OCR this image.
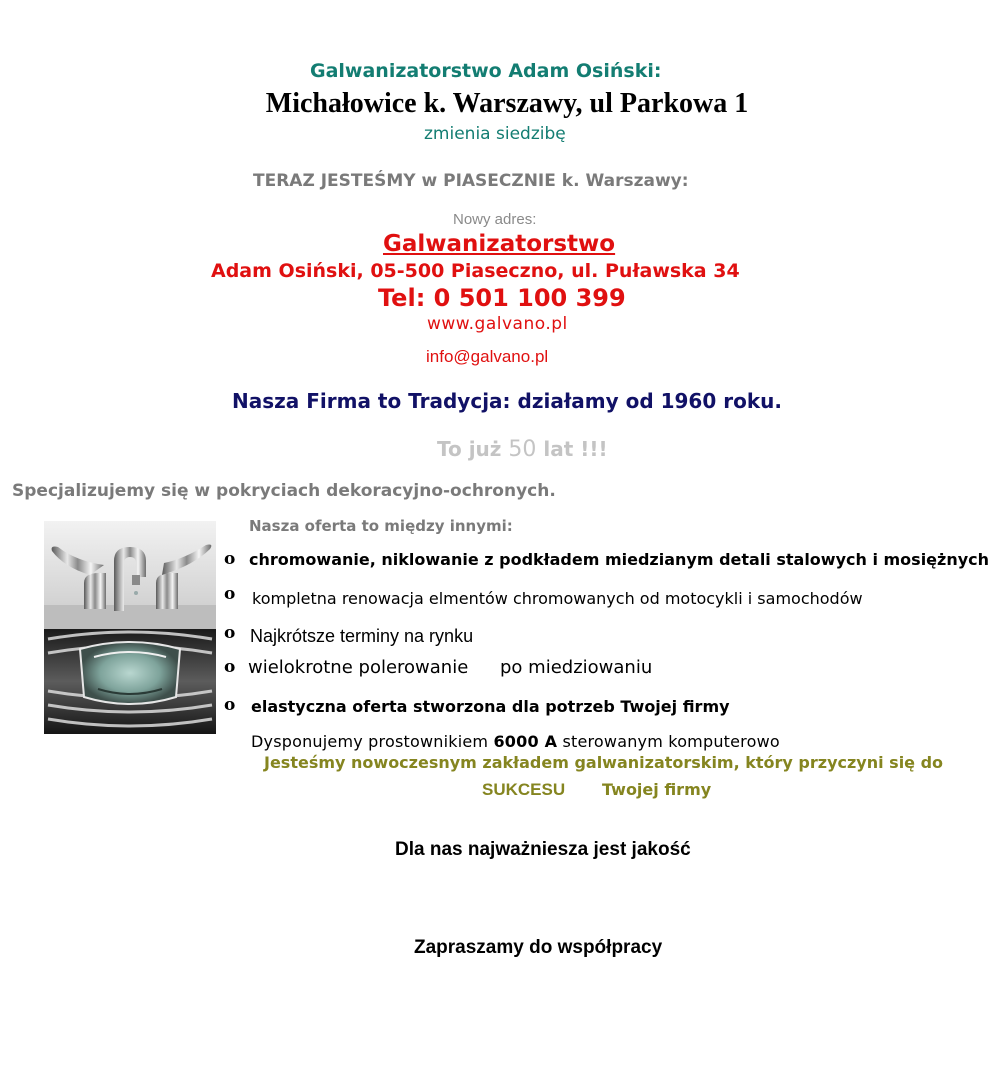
Galwanizatorstwo Adam Osiński:
Michałowice k. Warszawy, ul Parkowa 1
zmienia siedzibę
TERAZ JESTEŚMY w PIASECZNIE k. Warszawy:
Nowy adres:
Galwanizatorstwo
Adam Osiński, 05-500 Piaseczno, ul. Puławska 34
Tel: 0 501 100 399
www.galvano.pl
info@galvano.pl
Nasza Firma to Tradycja: działamy od 1960 roku.
To już 50 lat !!!
Specjalizujemy się w pokryciach dekoracyjno-ochronych.
Nasza oferta to między innymi:
o chromowanie, niklowanie z podkładem miedzianym detali stalowych i mosiężnych
o kompletna renowacja elmentów chromowanych od motocykli i samochodów
o Najkrótsze terminy na rynku
o wielokrotne polerowanie po miedziowaniu
o elastyczna oferta stworzona dla potrzeb Twojej firmy
Dysponujemy prostownikiem 6000 A sterowanym komputerowo
Jesteśmy nowoczesnym zakładem galwanizatorskim, który przyczyni się do
SUKCESU Twojej firmy
Dla nas najważniesza jest jakość
Zapraszamy do współpracy
